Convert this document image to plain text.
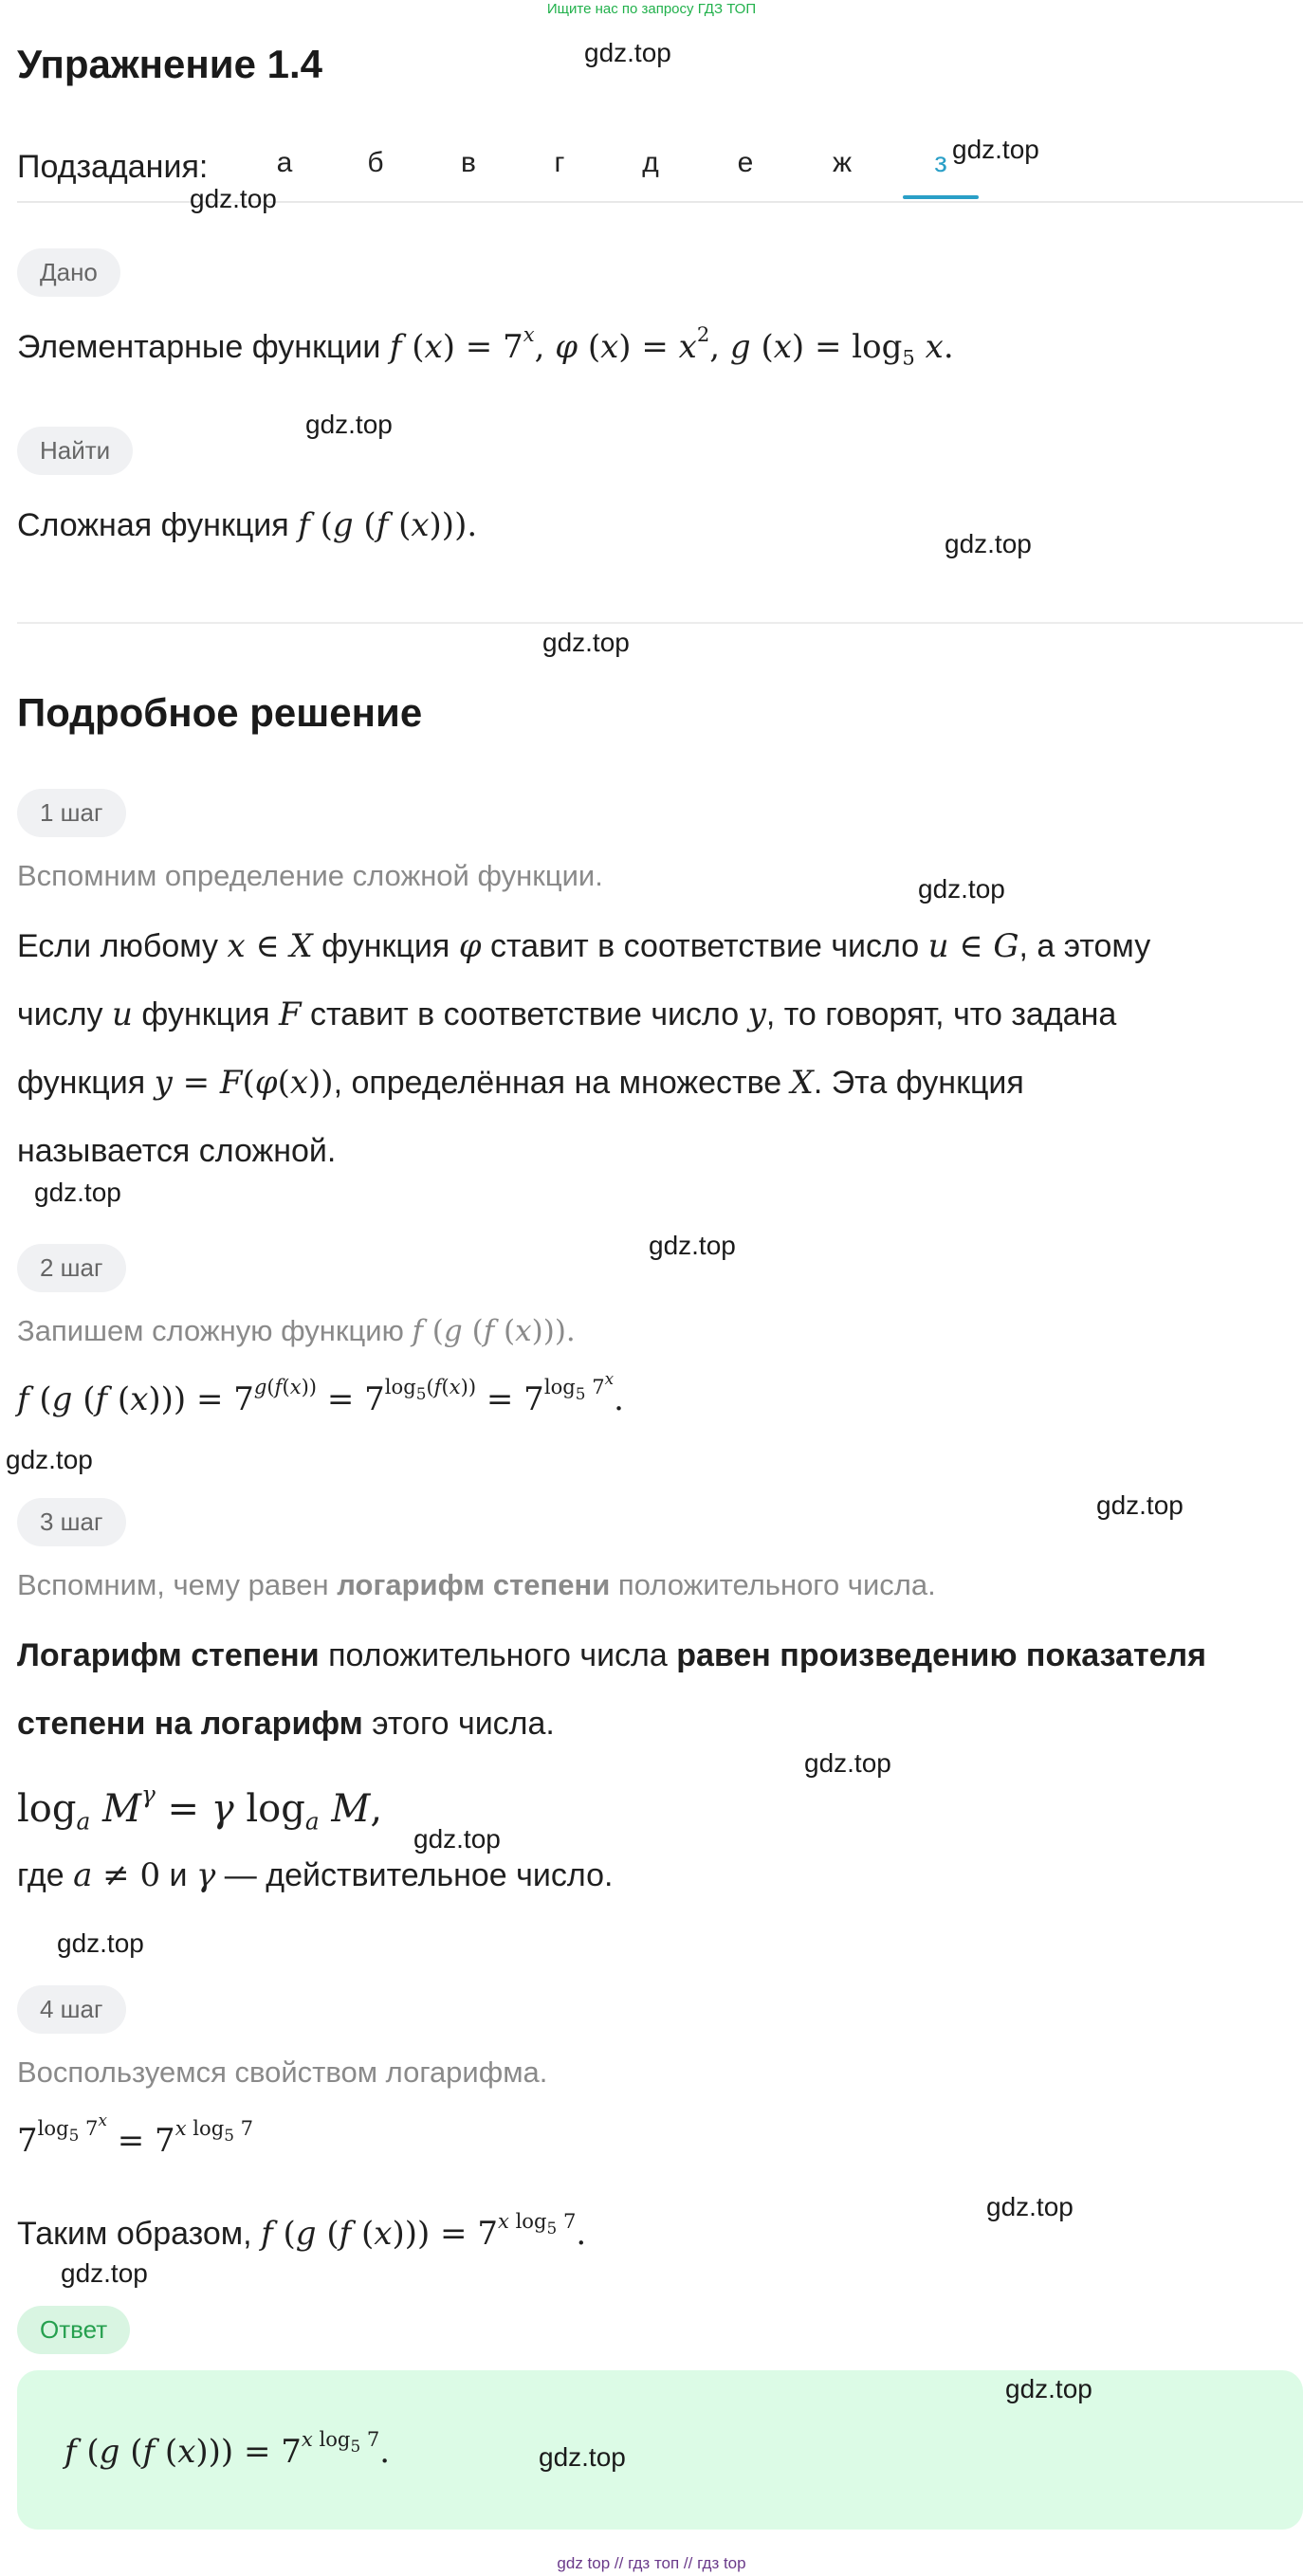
Ищите нас по запросу ГДЗ ТОП
Упражнение 1.4
Подзадания:	а	б	в	г	д	е	ж	з
Дано
Элементарные функции f $(x) = 7^x$, φ $(x) = x^2$, g $(x) = \log_5 x$.
Найти
Сложная функция f (g (f (x))).
Подробное решение
1 шаг
Вспомним определение сложной функции.
Если любому x ∈ X функция φ ставит в соответствие число u ∈ G, а этому
числу u функция F ставит в соответствие число y, то говорят, что задана
функция y = F(φ(x)), определённая на множестве X. Эта функция
называется сложной.
2 шаг
Запишем сложную функцию f (g (f (x))).
f (g (f $(x))) = 7^{g(f(x))} = 7^{log_5(f(x))} = 7^{log_5 7^x}$.
3 шаг
Вспомним, чему равен логарифм степени положительного числа.
Логарифм степени положительного числа равен произведению показателя
степени на логарифм этого числа.
$\log_a M^\gamma = \gamma$ $\log_a M$,
где a ≠ 0 и γ — действительное число.
4 шаг
Воспользуемся свойством логарифма.
$7^{log_5 7^x} = 7^{x log_5 7}$
Таким образом, f (g (f $(x))) = 7^{x log_5 7}$.
Ответ
f (g (f $(x))) = 7^{x log_5 7}$.
gdz.top
gdz.top
gdz.top
gdz.top
gdz.top
gdz.top
gdz.top
gdz.top
gdz.top
gdz.top
gdz.top
gdz.top
gdz.top
gdz.top
gdz.top
gdz.top
gdz.top
gdz.top
gdz top // гдз топ // гдз top
